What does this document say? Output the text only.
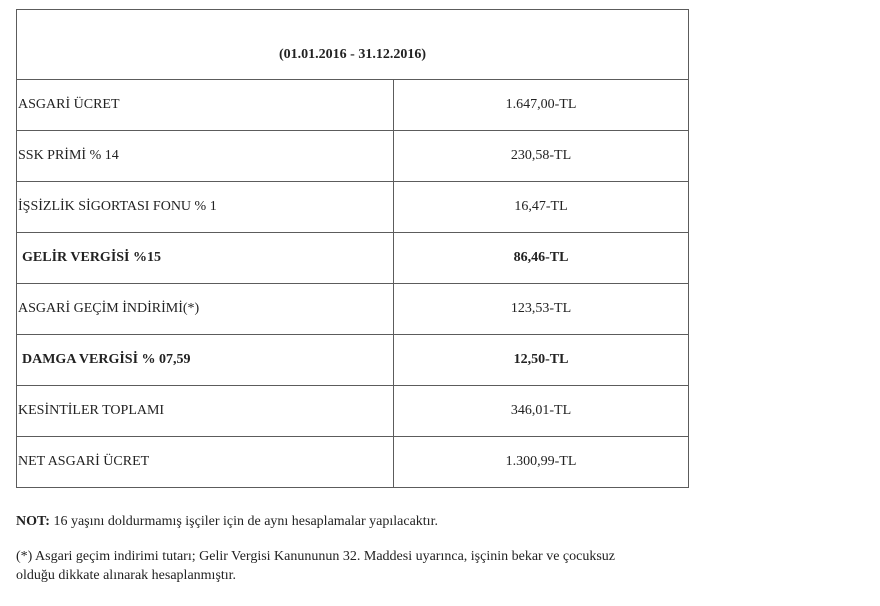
(01.01.2016 - 31.12.2016)	
ASGARİ ÜCRET	1.647,00-TL
SSK PRİMİ % 14	230,58-TL
İŞSİZLİK SİGORTASI FONU % 1	16,47-TL
GELİR VERGİSİ %15	86,46-TL
ASGARİ GEÇİM İNDİRİMİ(*)	123,53-TL
DAMGA VERGİSİ % 07,59	12,50-TL
KESİNTİLER TOPLAMI	346,01-TL
NET ASGARİ ÜCRET	1.300,99-TL
NOT: 16 yaşını doldurmamış işçiler için de aynı hesaplamalar yapılacaktır.
(*) Asgari geçim indirimi tutarı; Gelir Vergisi Kanununun 32. Maddesi uyarınca, işçinin bekar ve çocuksuz
olduğu dikkate alınarak hesaplanmıştır.
